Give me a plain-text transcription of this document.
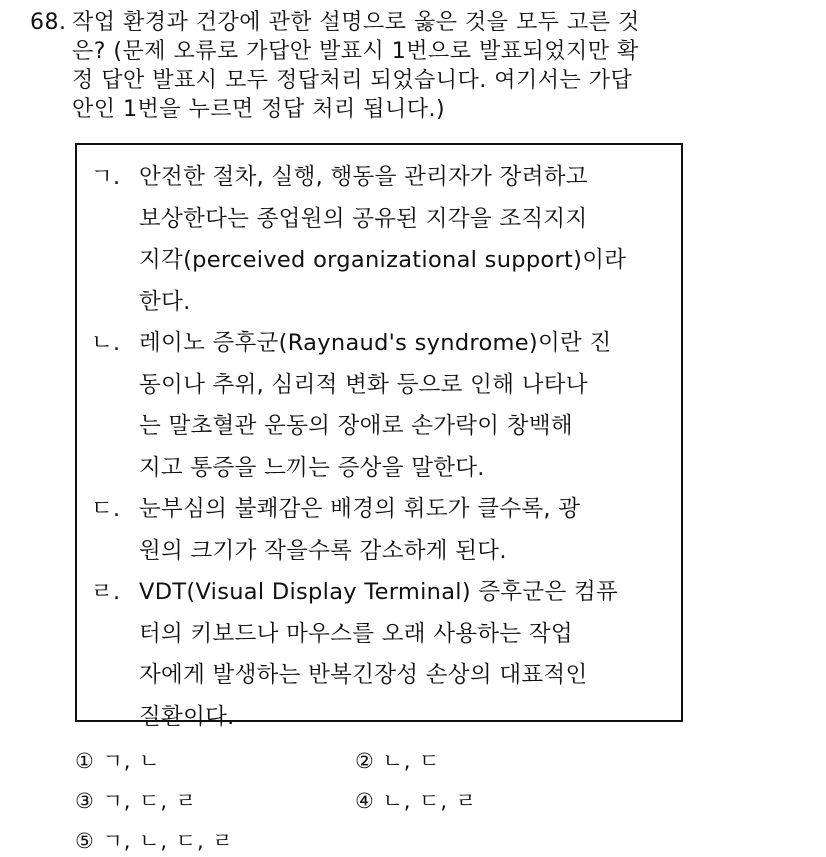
68. 작업 환경과 건강에 관한 설명으로 옳은 것을 모두 고른 것
은? (문제 오류로 가답안 발표시 1번으로 발표되었지만 확
정 답안 발표시 모두 정답처리 되었습니다. 여기서는 가답
안인 1번을 누르면 정답 처리 됩니다.)
ㄱ. 안전한 절차, 실행, 행동을 관리자가 장려하고
보상한다는 종업원의 공유된 지각을 조직지지
지각(perceived organizational support)이라
한다.
ㄴ. 레이노 증후군(Raynaud's syndrome)이란 진
동이나 추위, 심리적 변화 등으로 인해 나타나
는 말초혈관 운동의 장애로 손가락이 창백해
지고 통증을 느끼는 증상을 말한다.
ㄷ. 눈부심의 불쾌감은 배경의 휘도가 클수록, 광
원의 크기가 작을수록 감소하게 된다.
ㄹ. VDT(Visual Display Terminal) 증후군은 컴퓨
터의 키보드나 마우스를 오래 사용하는 작업
자에게 발생하는 반복긴장성 손상의 대표적인
질환이다.
① ㄱ, ㄴ	② ㄴ, ㄷ
③ ㄱ, ㄷ, ㄹ	④ ㄴ, ㄷ, ㄹ
⑤ ㄱ, ㄴ, ㄷ, ㄹ
